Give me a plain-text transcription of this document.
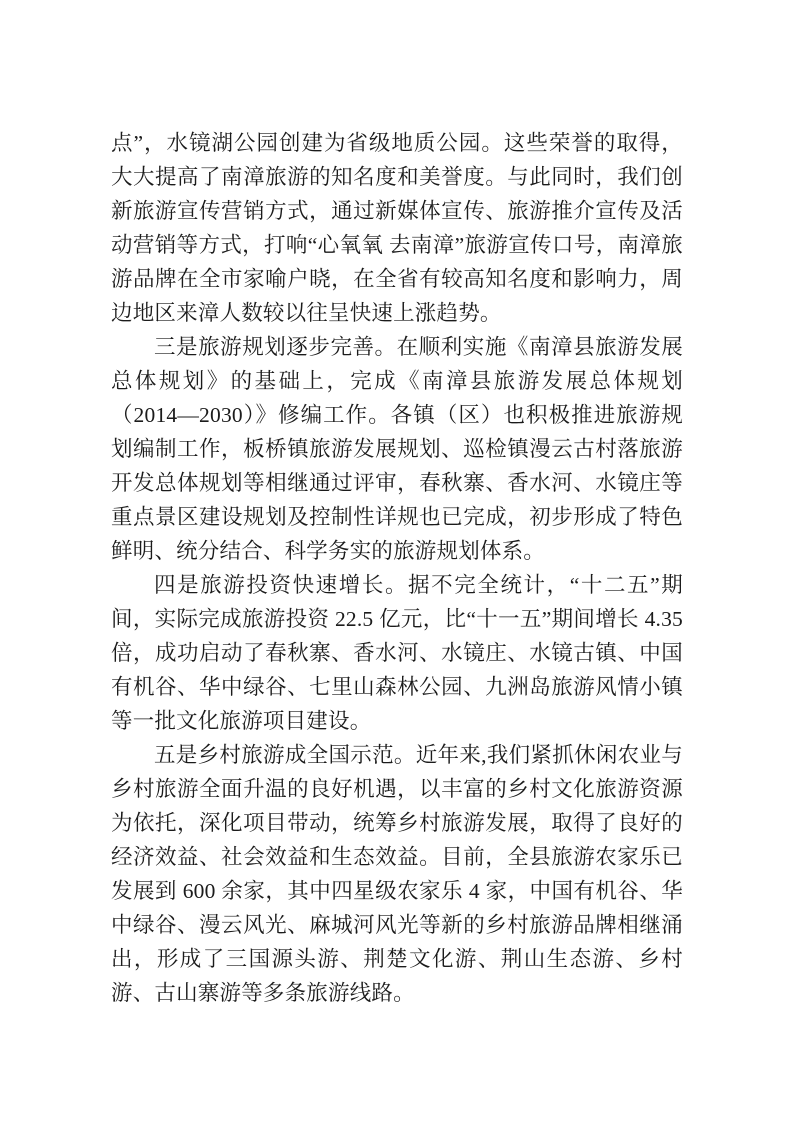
点”，水镜湖公园创建为省级地质公园。这些荣誉的取得，大大提高了南漳旅游的知名度和美誉度。与此同时，我们创新旅游宣传营销方式，通过新媒体宣传、旅游推介宣传及活动营销等方式，打响“心氧氧 去南漳”旅游宣传口号，南漳旅游品牌在全市家喻户晓，在全省有较高知名度和影响力，周边地区来漳人数较以往呈快速上涨趋势。

三是旅游规划逐步完善。在顺利实施《南漳县旅游发展总体规划》的基础上，完成《南漳县旅游发展总体规划（2014—2030）》修编工作。各镇（区）也积极推进旅游规划编制工作，板桥镇旅游发展规划、巡检镇漫云古村落旅游开发总体规划等相继通过评审，春秋寨、香水河、水镜庄等重点景区建设规划及控制性详规也已完成，初步形成了特色鲜明、统分结合、科学务实的旅游规划体系。

四是旅游投资快速增长。据不完全统计，“十二五”期间，实际完成旅游投资 22.5 亿元，比“十一五”期间增长 4.35 倍，成功启动了春秋寨、香水河、水镜庄、水镜古镇、中国有机谷、华中绿谷、七里山森林公园、九洲岛旅游风情小镇等一批文化旅游项目建设。

五是乡村旅游成全国示范。近年来,我们紧抓休闲农业与乡村旅游全面升温的良好机遇，以丰富的乡村文化旅游资源为依托，深化项目带动，统筹乡村旅游发展，取得了良好的经济效益、社会效益和生态效益。目前，全县旅游农家乐已发展到 600 余家，其中四星级农家乐 4 家，中国有机谷、华中绿谷、漫云风光、麻城河风光等新的乡村旅游品牌相继涌出，形成了三国源头游、荆楚文化游、荆山生态游、乡村游、古山寨游等多条旅游线路。
